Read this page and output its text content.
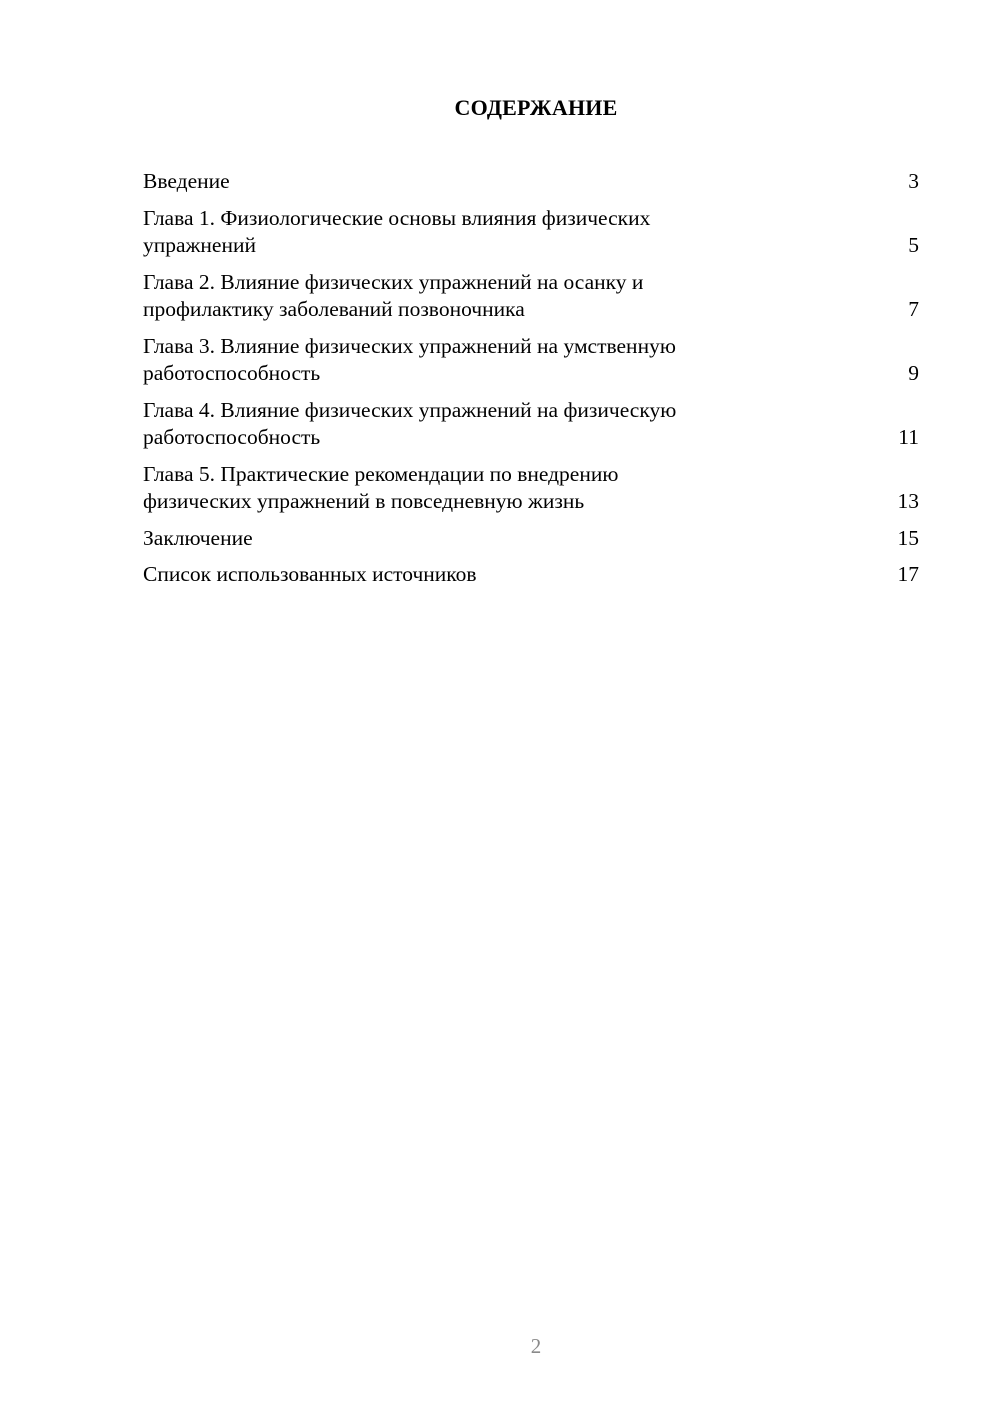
СОДЕРЖАНИЕ
Введение	3
Глава 1. Физиологические основы влияния физических
упражнений	5
Глава 2. Влияние физических упражнений на осанку и
профилактику заболеваний позвоночника	7
Глава 3. Влияние физических упражнений на умственную
работоспособность	9
Глава 4. Влияние физических упражнений на физическую
работоспособность	11
Глава 5. Практические рекомендации по внедрению
физических упражнений в повседневную жизнь	13
Заключение	15
Список использованных источников	17
2
